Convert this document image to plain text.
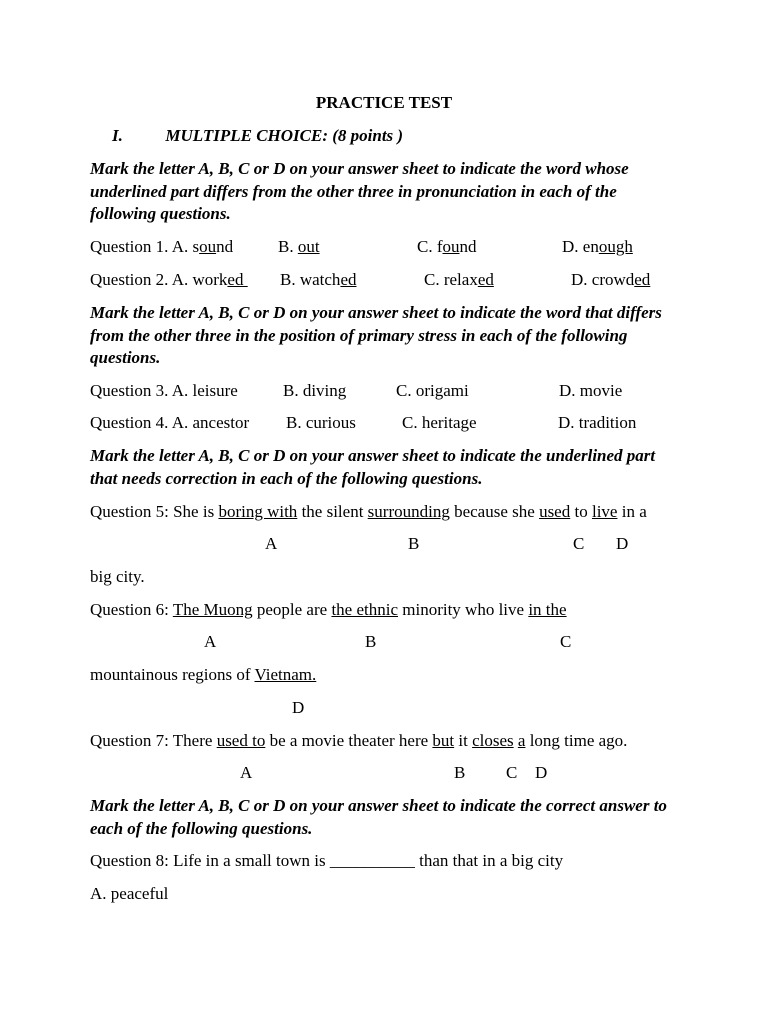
PRACTICE TEST
I.	MULTIPLE CHOICE: (8 points )
Mark the letter A, B, C or D on your answer sheet to indicate the word whose underlined part differs from the other three in pronunciation in each of the following questions.
Question 1. A. sound	B. out	C. found	D. enough
Question 2. A. worked B. watched	C. relaxed	D. crowded
Mark the letter A, B, C or D on your answer sheet to indicate the word that differs from the other three in the position of primary stress in each of the following questions.
Question 3. A. leisure	B. diving	C. origami	D. movie
Question 4. A. ancestor B. curious	C. heritage	D. tradition
Mark the letter A, B, C or D on your answer sheet to indicate the underlined part that needs correction in each of the following questions.
Question 5: She is boring with the silent surrounding because she used to live in a
A	B	C D
big city.
Question 6: The Muong people are the ethnic minority who live in the
A	B	C
mountainous regions of Vietnam.
D
Question 7: There used to be a movie theater here but it closes a long time ago.
A	B C D
Mark the letter A, B, C or D on your answer sheet to indicate the correct answer to each of the following questions.
Question 8: Life in a small town is __________ than that in a big city
A. peaceful
